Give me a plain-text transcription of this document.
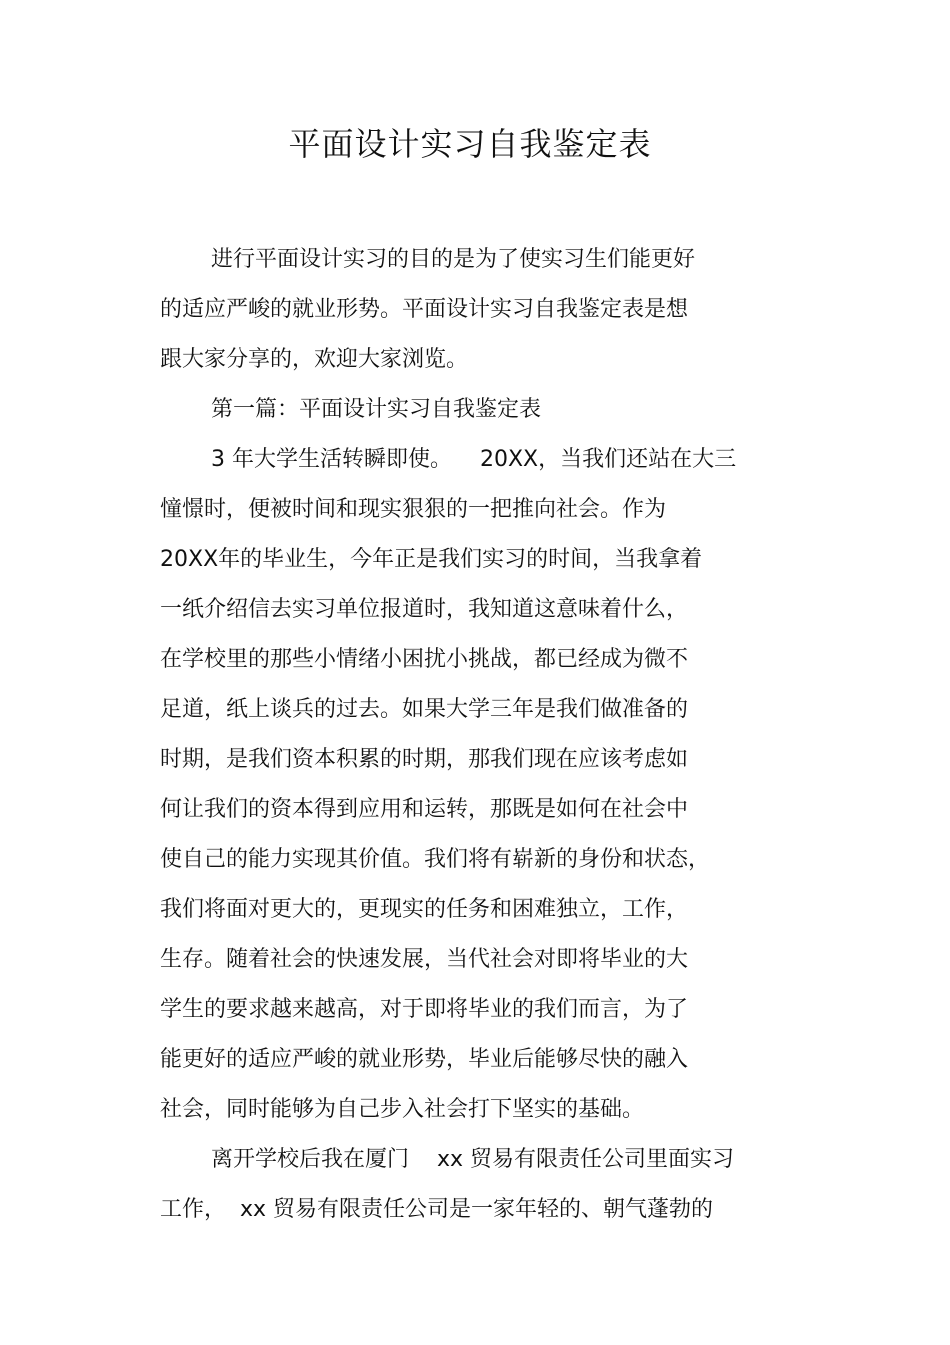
平面设计实习自我鉴定表
进行平面设计实习的目的是为了使实习生们能更好
的适应严峻的就业形势。平面设计实习自我鉴定表是想
跟大家分享的，欢迎大家浏览。
第一篇：平面设计实习自我鉴定表
3 年大学生活转瞬即使。    20XX，当我们还站在大三
憧憬时，便被时间和现实狠狠的一把推向社会。作为
20XX年的毕业生，今年正是我们实习的时间，当我拿着
一纸介绍信去实习单位报道时，我知道这意味着什么，
在学校里的那些小情绪小困扰小挑战，都已经成为微不
足道，纸上谈兵的过去。如果大学三年是我们做准备的
时期，是我们资本积累的时期，那我们现在应该考虑如
何让我们的资本得到应用和运转，那既是如何在社会中
使自己的能力实现其价值。我们将有崭新的身份和状态，
我们将面对更大的，更现实的任务和困难独立，工作，
生存。随着社会的快速发展，当代社会对即将毕业的大
学生的要求越来越高，对于即将毕业的我们而言，为了
能更好的适应严峻的就业形势，毕业后能够尽快的融入
社会，同时能够为自己步入社会打下坚实的基础。
离开学校后我在厦门    xx 贸易有限责任公司里面实习
工作，  xx 贸易有限责任公司是一家年轻的、朝气蓬勃的
